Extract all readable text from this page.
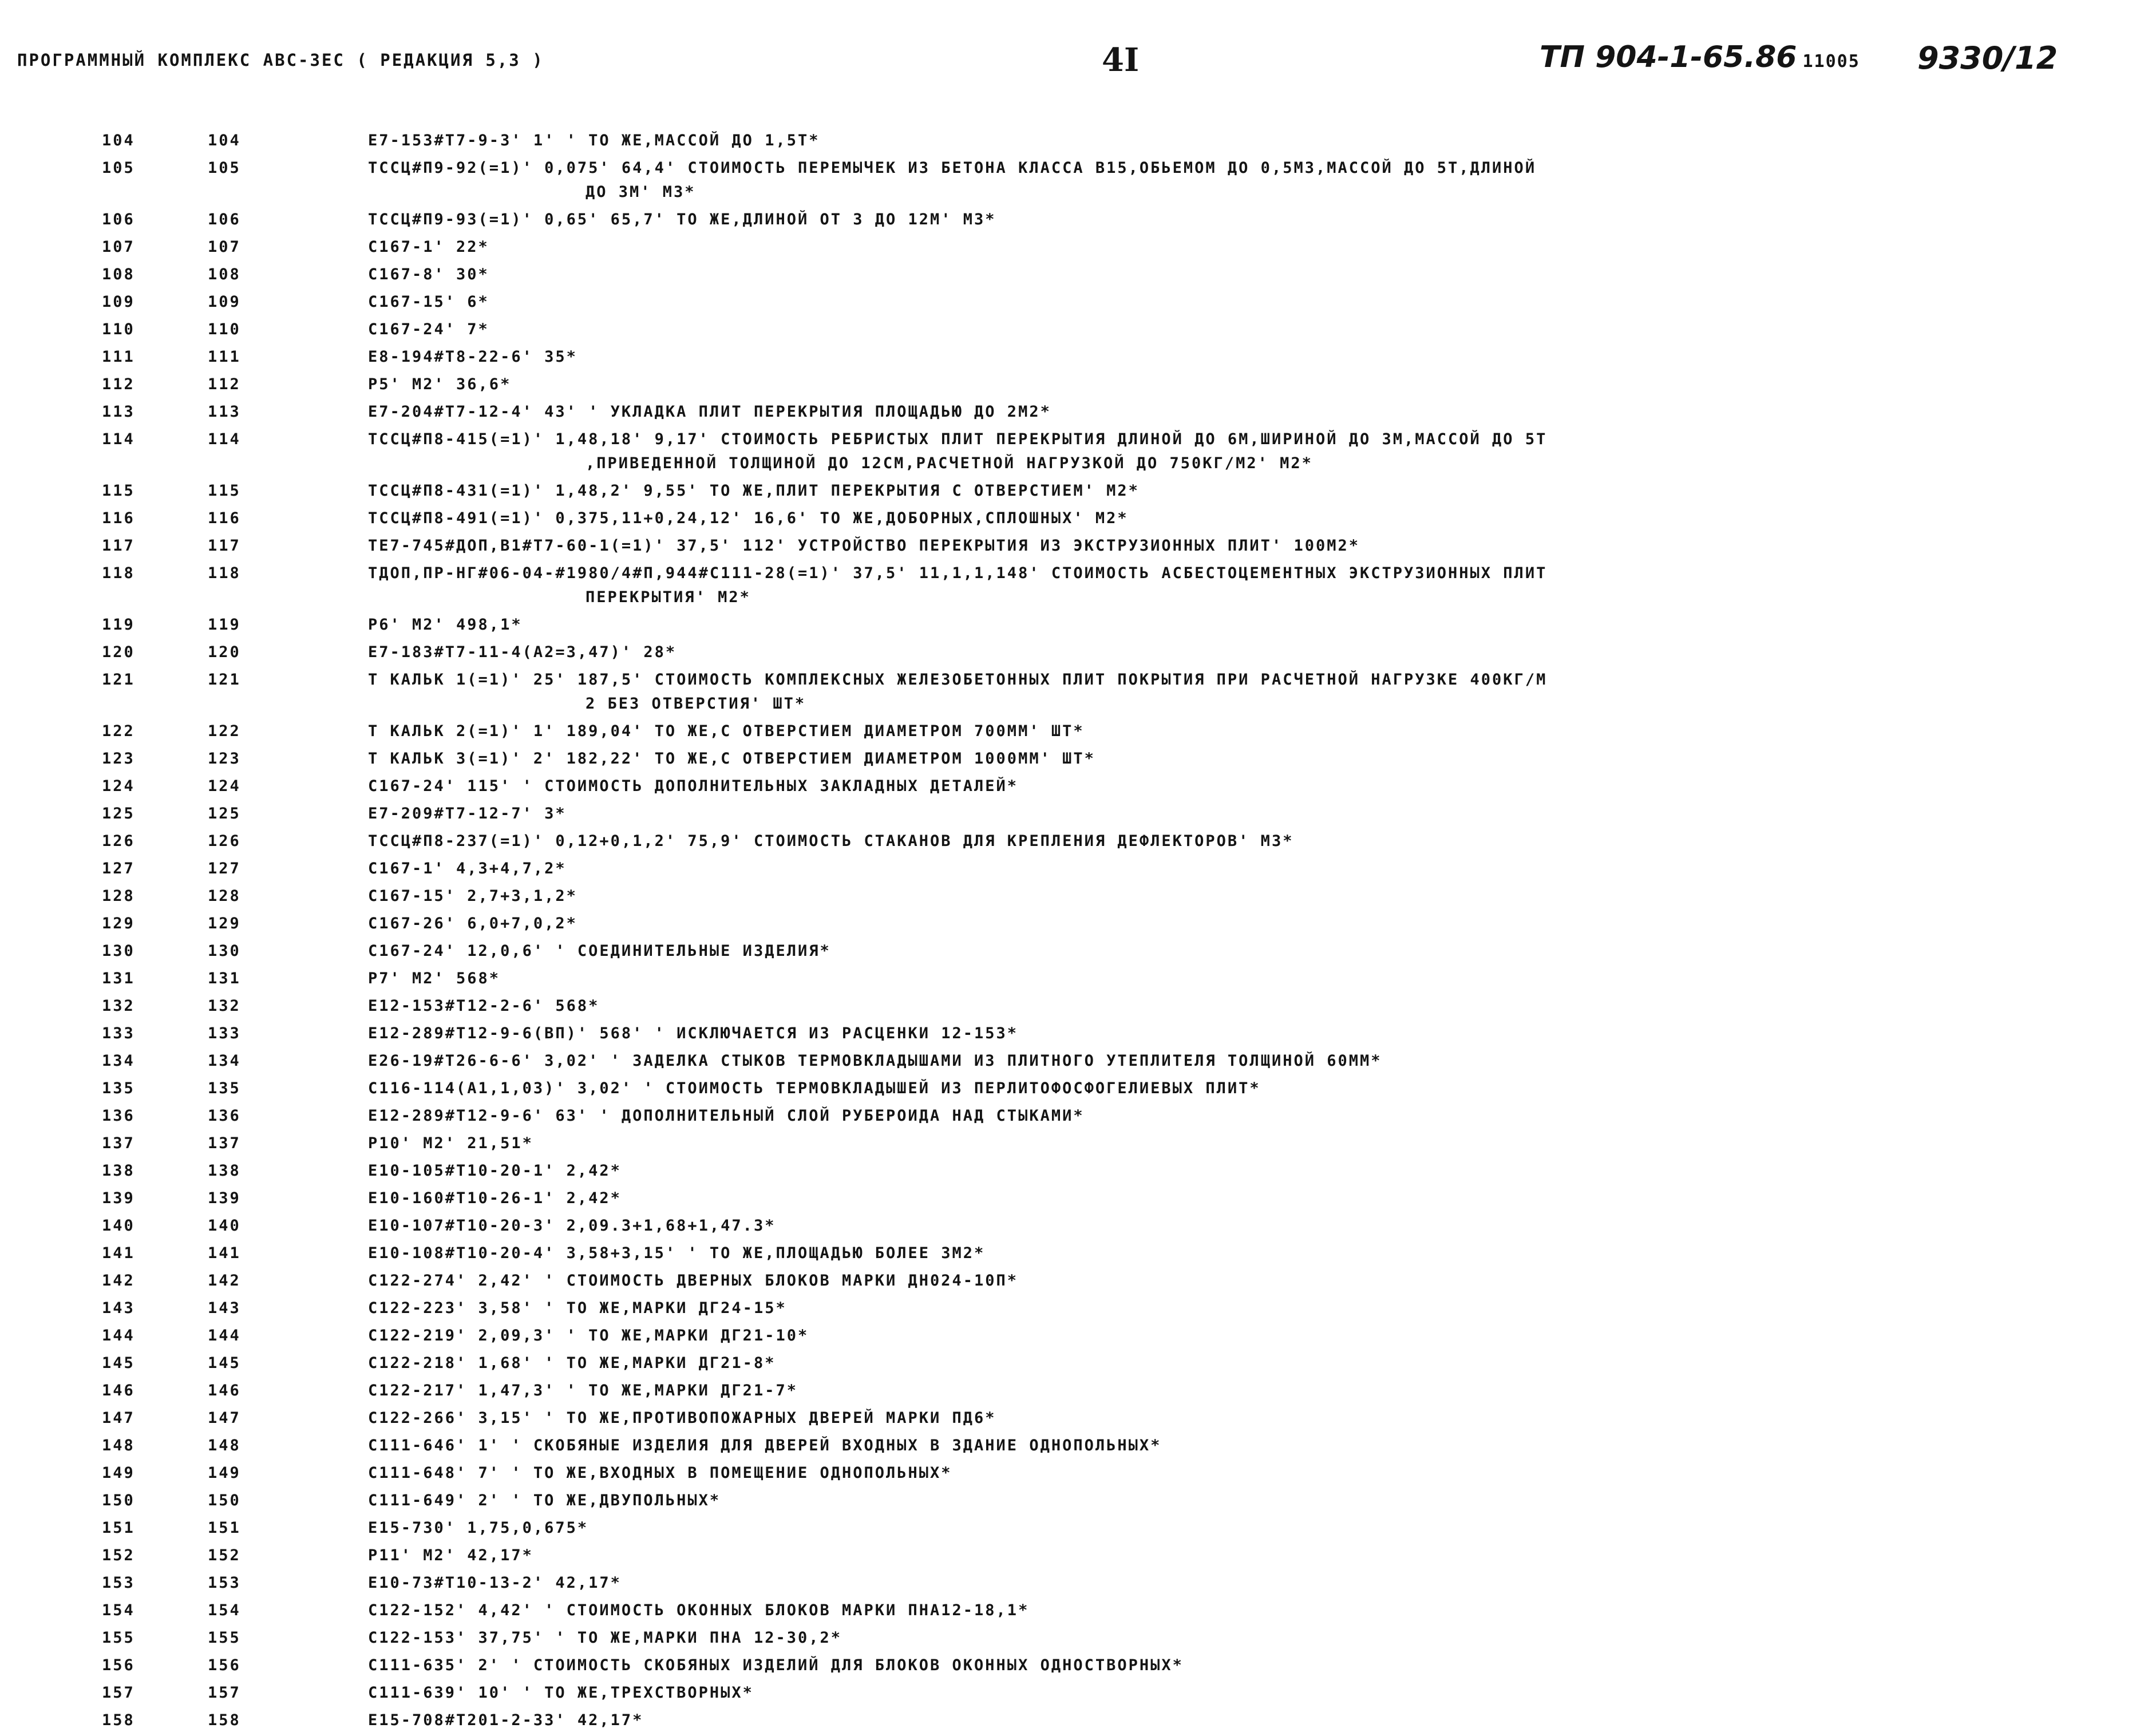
ПРОГРАММНЫЙ КОМПЛЕКС АВС-ЗЕС ( РЕДАКЦИЯ 5,3 )	4I	ТП 904-1-65.86 11005 9330/12
104	104	Е7-153#Т7-9-3' 1' ' ТО ЖЕ,МАССОЙ ДО 1,5Т*
105	105	ТССЦ#П9-92(=1)' 0,075' 64,4' СТОИМОСТЬ ПЕРЕМЫЧЕК ИЗ БЕТОНА КЛАССА В15,ОБЬЕМОМ ДО 0,5М3,МАССОЙ ДО 5Т,ДЛИНОЙ
ДО 3М' М3*
106	106	ТССЦ#П9-93(=1)' 0,65' 65,7' ТО ЖЕ,ДЛИНОЙ ОТ 3 ДО 12М' М3*
107	107	С167-1' 22*
108	108	С167-8' 30*
109	109	С167-15' 6*
110	110	С167-24' 7*
111	111	Е8-194#Т8-22-6' 35*
112	112	Р5' М2' 36,6*
113	113	Е7-204#Т7-12-4' 43' ' УКЛАДКА ПЛИТ ПЕРЕКРЫТИЯ ПЛОЩАДЬЮ ДО 2М2*
114	114	ТССЦ#П8-415(=1)' 1,48,18' 9,17' СТОИМОСТЬ РЕБРИСТЫХ ПЛИТ ПЕРЕКРЫТИЯ ДЛИНОЙ ДО 6М,ШИРИНОЙ ДО 3М,МАССОЙ ДО 5Т
,ПРИВЕДЕННОЙ ТОЛЩИНОЙ ДО 12СМ,РАСЧЕТНОЙ НАГРУЗКОЙ ДО 750КГ/М2' М2*
115	115	ТССЦ#П8-431(=1)' 1,48,2' 9,55' ТО ЖЕ,ПЛИТ ПЕРЕКРЫТИЯ С ОТВЕРСТИЕМ' М2*
116	116	ТССЦ#П8-491(=1)' 0,375,11+0,24,12' 16,6' ТО ЖЕ,ДОБОРНЫХ,СПЛОШНЫХ' М2*
117	117	ТЕ7-745#ДОП,В1#Т7-60-1(=1)' 37,5' 112' УСТРОЙСТВО ПЕРЕКРЫТИЯ ИЗ ЭКСТРУЗИОННЫХ ПЛИТ' 100М2*
118	118	ТДОП,ПР-НГ#06-04-#1980/4#П,944#С111-28(=1)' 37,5' 11,1,1,148' СТОИМОСТЬ АСБЕСТОЦЕМЕНТНЫХ ЭКСТРУЗИОННЫХ ПЛИТ
ПЕРЕКРЫТИЯ' М2*
119	119	Р6' М2' 498,1*
120	120	Е7-183#Т7-11-4(А2=3,47)' 28*
121	121	Т КАЛЬК 1(=1)' 25' 187,5' СТОИМОСТЬ КОМПЛЕКСНЫХ ЖЕЛЕЗОБЕТОННЫХ ПЛИТ ПОКРЫТИЯ ПРИ РАСЧЕТНОЙ НАГРУЗКЕ 400КГ/М
2 БЕЗ ОТВЕРСТИЯ' ШТ*
122	122	Т КАЛЬК 2(=1)' 1' 189,04' ТО ЖЕ,С ОТВЕРСТИЕМ ДИАМЕТРОМ 700ММ' ШТ*
123	123	Т КАЛЬК 3(=1)' 2' 182,22' ТО ЖЕ,С ОТВЕРСТИЕМ ДИАМЕТРОМ 1000ММ' ШТ*
124	124	С167-24' 115' ' СТОИМОСТЬ ДОПОЛНИТЕЛЬНЫХ ЗАКЛАДНЫХ ДЕТАЛЕЙ*
125	125	Е7-209#Т7-12-7' 3*
126	126	ТССЦ#П8-237(=1)' 0,12+0,1,2' 75,9' СТОИМОСТЬ СТАКАНОВ ДЛЯ КРЕПЛЕНИЯ ДЕФЛЕКТОРОВ' М3*
127	127	С167-1' 4,3+4,7,2*
128	128	С167-15' 2,7+3,1,2*
129	129	С167-26' 6,0+7,0,2*
130	130	С167-24' 12,0,6' ' СОЕДИНИТЕЛЬНЫЕ ИЗДЕЛИЯ*
131	131	Р7' М2' 568*
132	132	Е12-153#Т12-2-6' 568*
133	133	Е12-289#Т12-9-6(ВП)' 568' ' ИСКЛЮЧАЕТСЯ ИЗ РАСЦЕНКИ 12-153*
134	134	Е26-19#Т26-6-6' 3,02' ' ЗАДЕЛКА СТЫКОВ ТЕРМОВКЛАДЫШАМИ ИЗ ПЛИТНОГО УТЕПЛИТЕЛЯ ТОЛЩИНОЙ 60ММ*
135	135	С116-114(А1,1,03)' 3,02' ' СТОИМОСТЬ ТЕРМОВКЛАДЫШЕЙ ИЗ ПЕРЛИТОФОСФОГЕЛИЕВЫХ ПЛИТ*
136	136	Е12-289#Т12-9-6' 63' ' ДОПОЛНИТЕЛЬНЫЙ СЛОЙ РУБЕРОИДА НАД СТЫКАМИ*
137	137	Р10' М2' 21,51*
138	138	Е10-105#Т10-20-1' 2,42*
139	139	Е10-160#Т10-26-1' 2,42*
140	140	Е10-107#Т10-20-3' 2,09.3+1,68+1,47.3*
141	141	Е10-108#Т10-20-4' 3,58+3,15' ' ТО ЖЕ,ПЛОЩАДЬЮ БОЛЕЕ 3М2*
142	142	С122-274' 2,42' ' СТОИМОСТЬ ДВЕРНЫХ БЛОКОВ МАРКИ ДН024-10П*
143	143	С122-223' 3,58' ' ТО ЖЕ,МАРКИ ДГ24-15*
144	144	С122-219' 2,09,3' ' ТО ЖЕ,МАРКИ ДГ21-10*
145	145	С122-218' 1,68' ' ТО ЖЕ,МАРКИ ДГ21-8*
146	146	С122-217' 1,47,3' ' ТО ЖЕ,МАРКИ ДГ21-7*
147	147	С122-266' 3,15' ' ТО ЖЕ,ПРОТИВОПОЖАРНЫХ ДВЕРЕЙ МАРКИ ПД6*
148	148	С111-646' 1' ' СКОБЯНЫЕ ИЗДЕЛИЯ ДЛЯ ДВЕРЕЙ ВХОДНЫХ В ЗДАНИЕ ОДНОПОЛЬНЫХ*
149	149	С111-648' 7' ' ТО ЖЕ,ВХОДНЫХ В ПОМЕЩЕНИЕ ОДНОПОЛЬНЫХ*
150	150	С111-649' 2' ' ТО ЖЕ,ДВУПОЛЬНЫХ*
151	151	Е15-730' 1,75,0,675*
152	152	Р11' М2' 42,17*
153	153	Е10-73#Т10-13-2' 42,17*
154	154	С122-152' 4,42' ' СТОИМОСТЬ ОКОННЫХ БЛОКОВ МАРКИ ПНА12-18,1*
155	155	С122-153' 37,75' ' ТО ЖЕ,МАРКИ ПНА 12-30,2*
156	156	С111-635' 2' ' СТОИМОСТЬ СКОБЯНЫХ ИЗДЕЛИЙ ДЛЯ БЛОКОВ ОКОННЫХ ОДНОСТВОРНЫХ*
157	157	С111-639' 10' ' ТО ЖЕ,ТРЕХСТВОРНЫХ*
158	158	Е15-708#Т201-2-33' 42,17*
